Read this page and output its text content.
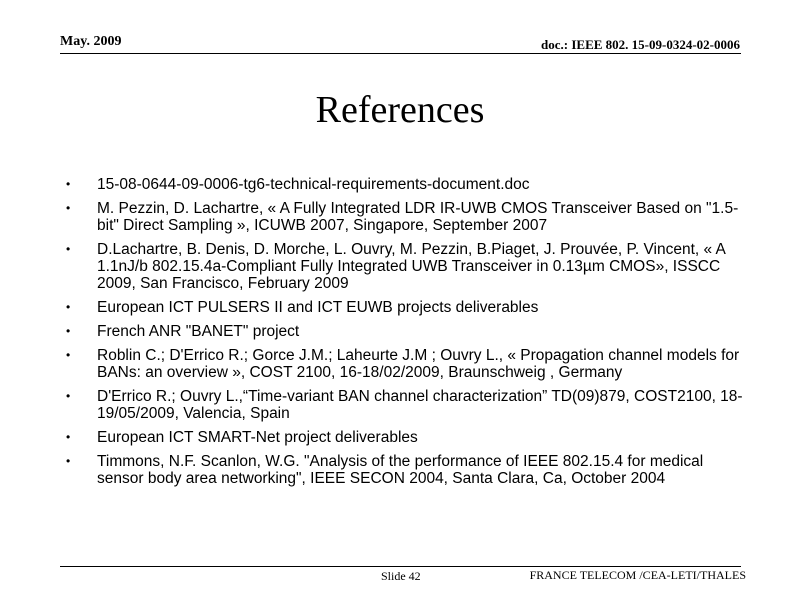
May. 2009	doc.: IEEE 802. 15-09-0324-02-0006
References
• 15-08-0644-09-0006-tg6-technical-requirements-document.doc
• M. Pezzin, D. Lachartre, « A Fully Integrated LDR IR-UWB CMOS Transceiver Based on "1.5-bit" Direct Sampling », ICUWB 2007, Singapore, September 2007
• D.Lachartre, B. Denis, D. Morche, L. Ouvry, M. Pezzin, B.Piaget, J. Prouvée, P. Vincent, « A 1.1nJ/b 802.15.4a-Compliant Fully Integrated UWB Transceiver in 0.13µm CMOS», ISSCC 2009, San Francisco, February 2009
• European ICT PULSERS II and ICT EUWB projects deliverables
• French ANR "BANET" project
• Roblin C.; D'Errico R.; Gorce J.M.; Laheurte J.M ; Ouvry L., « Propagation channel models for BANs: an overview », COST 2100, 16-18/02/2009, Braunschweig , Germany
• D'Errico R.; Ouvry L.,“Time-variant BAN channel characterization” TD(09)879, COST2100, 18-19/05/2009, Valencia, Spain
• European ICT SMART-Net project deliverables
• Timmons, N.F. Scanlon, W.G. "Analysis of the performance of IEEE 802.15.4 for medical sensor body area networking", IEEE SECON 2004, Santa Clara, Ca, October 2004
Slide 42	FRANCE TELECOM /CEA-LETI/THALES
